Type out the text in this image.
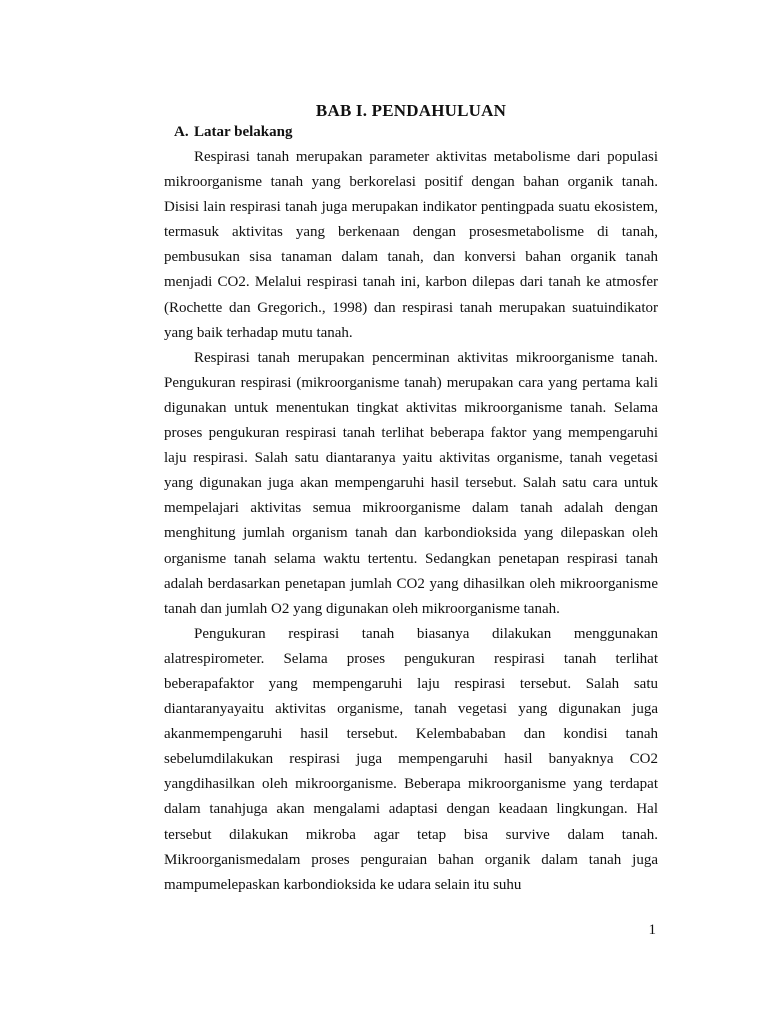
BAB I. PENDAHULUAN
A. Latar belakang

Respirasi tanah merupakan parameter aktivitas metabolisme dari populasi mikroorganisme tanah yang berkorelasi positif dengan bahan organik tanah. Disisi lain respirasi tanah juga merupakan indikator pentingpada suatu ekosistem, termasuk aktivitas yang berkenaan dengan prosesmetabolisme di tanah, pembusukan sisa tanaman dalam tanah, dan konversi bahan organik tanah menjadi CO2. Melalui respirasi tanah ini, karbon dilepas dari tanah ke atmosfer (Rochette dan Gregorich., 1998) dan respirasi tanah merupakan suatuindikator yang baik terhadap mutu tanah.

Respirasi tanah merupakan pencerminan aktivitas mikroorganisme tanah. Pengukuran respirasi (mikroorganisme tanah) merupakan cara yang pertama kali digunakan untuk menentukan tingkat aktivitas mikroorganisme tanah. Selama proses pengukuran respirasi tanah terlihat beberapa faktor yang mempengaruhi laju respirasi. Salah satu diantaranya yaitu aktivitas organisme, tanah vegetasi yang digunakan juga akan mempengaruhi hasil tersebut. Salah satu cara untuk mempelajari aktivitas semua mikroorganisme dalam tanah adalah dengan menghitung jumlah organism tanah dan karbondioksida yang dilepaskan oleh organisme tanah selama waktu tertentu. Sedangkan penetapan respirasi tanah adalah berdasarkan penetapan jumlah CO2 yang dihasilkan oleh mikroorganisme tanah dan jumlah O2 yang digunakan oleh mikroorganisme tanah.

Pengukuran respirasi tanah biasanya dilakukan menggunakan alatrespirometer. Selama proses pengukuran respirasi tanah terlihat beberapafaktor yang mempengaruhi laju respirasi tersebut. Salah satu diantaranyayaitu aktivitas organisme, tanah vegetasi yang digunakan juga akanmempengaruhi hasil tersebut. Kelembababan dan kondisi tanah sebelumdilakukan respirasi juga mempengaruhi hasil banyaknya CO2 yangdihasilkan oleh mikroorganisme. Beberapa mikroorganisme yang terdapat dalam tanahjuga akan mengalami adaptasi dengan keadaan lingkungan. Hal tersebut dilakukan mikroba agar tetap bisa survive dalam tanah. Mikroorganismedalam proses penguraian bahan organik dalam tanah juga mampumelepaskan karbondioksida ke udara selain itu suhu

1
